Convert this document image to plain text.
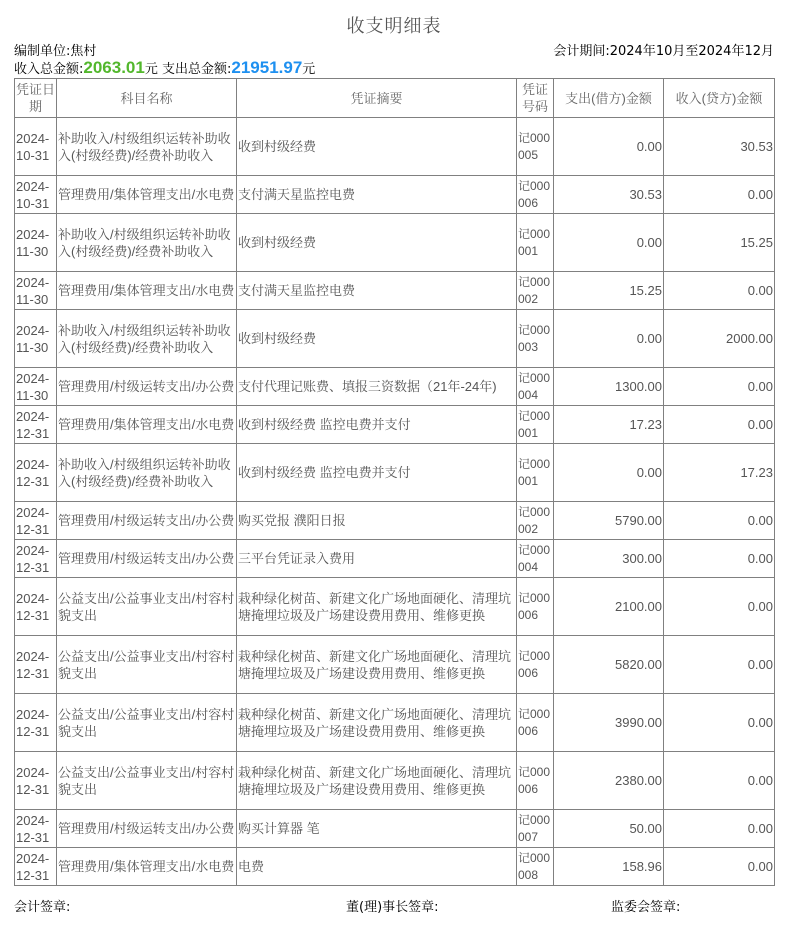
收支明细表
编制单位:焦村	会计期间:2024年10月至2024年12月
收入总金额:2063.01元 支出总金额:21951.97元
凭证日期	科目名称	凭证摘要	凭证号码	支出(借方)金额	收入(贷方)金额
2024-10-31	补助收入/村级组织运转补助收入(村级经费)/经费补助收入	收到村级经费	记000005	0.00	30.53
2024-10-31	管理费用/集体管理支出/水电费	支付满天星监控电费	记000006	30.53	0.00
2024-11-30	补助收入/村级组织运转补助收入(村级经费)/经费补助收入	收到村级经费	记000001	0.00	15.25
2024-11-30	管理费用/集体管理支出/水电费	支付满天星监控电费	记000002	15.25	0.00
2024-11-30	补助收入/村级组织运转补助收入(村级经费)/经费补助收入	收到村级经费	记000003	0.00	2000.00
2024-11-30	管理费用/村级运转支出/办公费	支付代理记账费、填报三资数据（21年-24年)	记000004	1300.00	0.00
2024-12-31	管理费用/集体管理支出/水电费	收到村级经费 监控电费并支付	记000001	17.23	0.00
2024-12-31	补助收入/村级组织运转补助收入(村级经费)/经费补助收入	收到村级经费 监控电费并支付	记000001	0.00	17.23
2024-12-31	管理费用/村级运转支出/办公费	购买党报 濮阳日报	记000002	5790.00	0.00
2024-12-31	管理费用/村级运转支出/办公费	三平台凭证录入费用	记000004	300.00	0.00
2024-12-31	公益支出/公益事业支出/村容村貌支出	栽种绿化树苗、新建文化广场地面硬化、清理坑塘掩埋垃圾及广场建设费用费用、维修更换	记000006	2100.00	0.00
2024-12-31	公益支出/公益事业支出/村容村貌支出	栽种绿化树苗、新建文化广场地面硬化、清理坑塘掩埋垃圾及广场建设费用费用、维修更换	记000006	5820.00	0.00
2024-12-31	公益支出/公益事业支出/村容村貌支出	栽种绿化树苗、新建文化广场地面硬化、清理坑塘掩埋垃圾及广场建设费用费用、维修更换	记000006	3990.00	0.00
2024-12-31	公益支出/公益事业支出/村容村貌支出	栽种绿化树苗、新建文化广场地面硬化、清理坑塘掩埋垃圾及广场建设费用费用、维修更换	记000006	2380.00	0.00
2024-12-31	管理费用/村级运转支出/办公费	购买计算器 笔	记000007	50.00	0.00
2024-12-31	管理费用/集体管理支出/水电费	电费	记000008	158.96	0.00
会计签章:	董(理)事长签章:	监委会签章:
